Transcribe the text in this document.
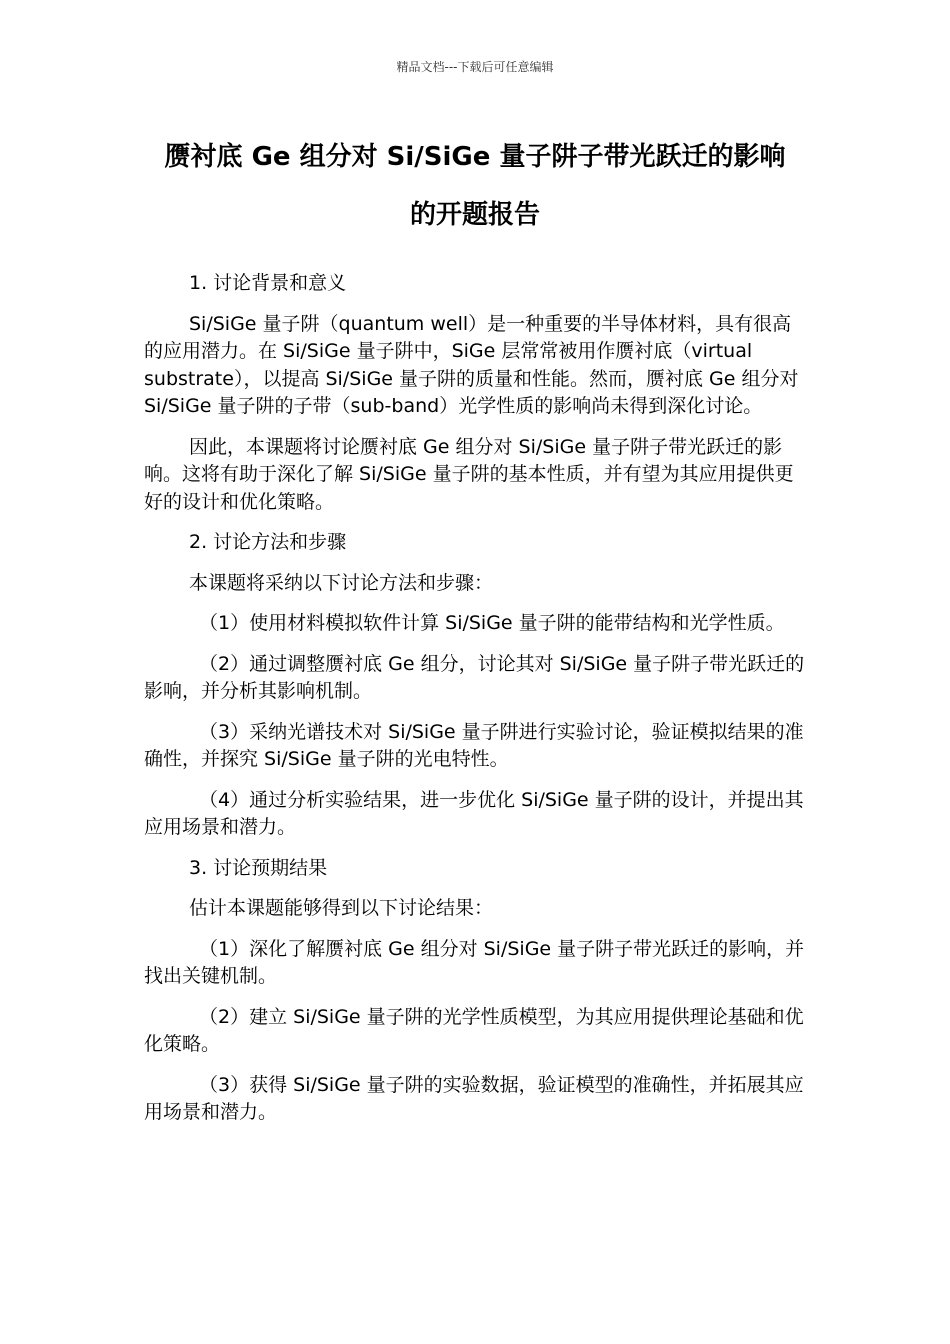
精品文档---下载后可任意编辑
赝衬底 Ge 组分对 Si/SiGe 量子阱子带光跃迁的影响
的开题报告

1. 讨论背景和意义

Si/SiGe 量子阱（quantum well）是一种重要的半导体材料，具有很高的应用潜力。在 Si/SiGe 量子阱中，SiGe 层常常被用作赝衬底（virtual substrate），以提高 Si/SiGe 量子阱的质量和性能。然而，赝衬底 Ge 组分对 Si/SiGe 量子阱的子带（sub-band）光学性质的影响尚未得到深化讨论。

因此，本课题将讨论赝衬底 Ge 组分对 Si/SiGe 量子阱子带光跃迁的影响。这将有助于深化了解 Si/SiGe 量子阱的基本性质，并有望为其应用提供更好的设计和优化策略。

2. 讨论方法和步骤

本课题将采纳以下讨论方法和步骤：

（1）使用材料模拟软件计算 Si/SiGe 量子阱的能带结构和光学性质。

（2）通过调整赝衬底 Ge 组分，讨论其对 Si/SiGe 量子阱子带光跃迁的影响，并分析其影响机制。

（3）采纳光谱技术对 Si/SiGe 量子阱进行实验讨论，验证模拟结果的准确性，并探究 Si/SiGe 量子阱的光电特性。

（4）通过分析实验结果，进一步优化 Si/SiGe 量子阱的设计，并提出其应用场景和潜力。

3. 讨论预期结果

估计本课题能够得到以下讨论结果：

（1）深化了解赝衬底 Ge 组分对 Si/SiGe 量子阱子带光跃迁的影响，并找出关键机制。

（2）建立 Si/SiGe 量子阱的光学性质模型，为其应用提供理论基础和优化策略。

（3）获得 Si/SiGe 量子阱的实验数据，验证模型的准确性，并拓展其应用场景和潜力。
